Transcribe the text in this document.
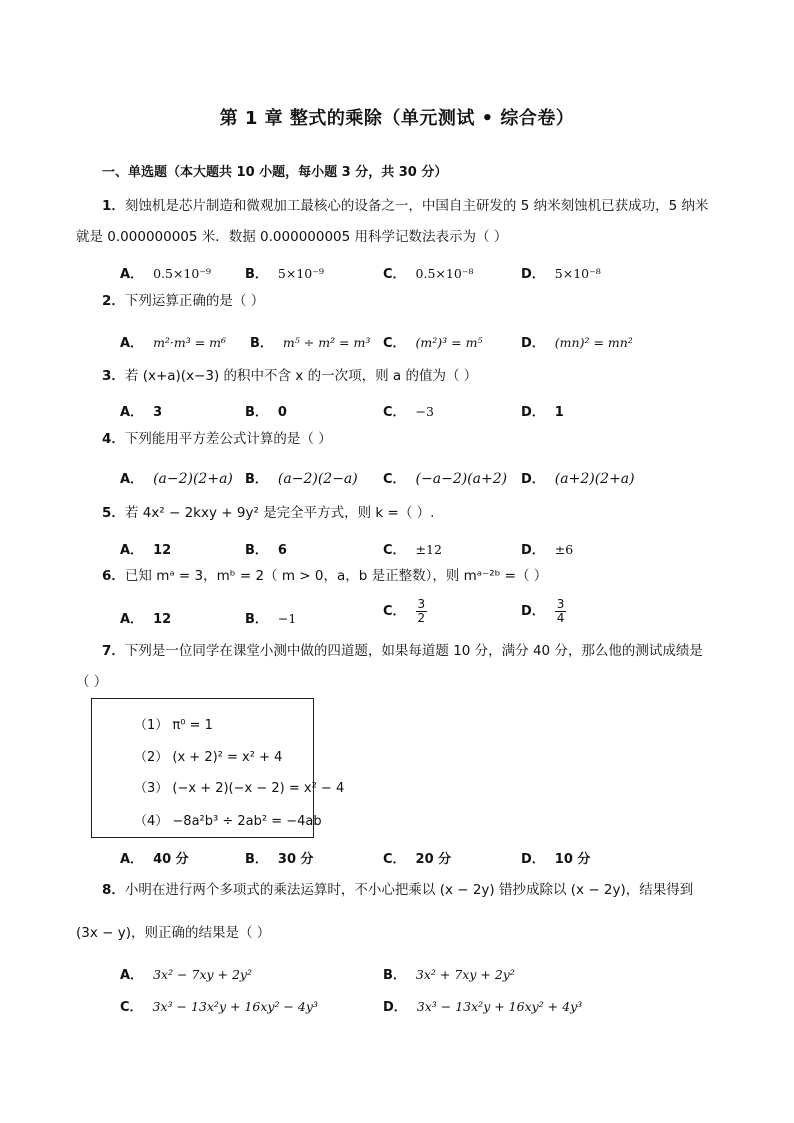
第 1 章 整式的乘除（单元测试 • 综合卷）
一、单选题（本大题共 10 小题，每小题 3 分，共 30 分）
1．刻蚀机是芯片制造和微观加工最核心的设备之一，中国自主研发的 5 纳米刻蚀机已获成功，5 纳米
就是 0.000000005 米．数据 0.000000005 用科学记数法表示为（ ）
A． 0.5×10⁻⁹	B． 5×10⁻⁹	C． 0.5×10⁻⁸	D． 5×10⁻⁸
2．下列运算正确的是（ ）
A． m²·m³ = m⁶ B． m⁵ ÷ m² = m³ C． (m²)³ = m⁵	D． (mn)² = mn²
3．若 (x+a)(x−3) 的积中不含 x 的一次项，则 a 的值为（ ）
A． 3	B． 0	C． −3	D． 1
4．下列能用平方差公式计算的是（ ）
A． (a−2)(2+a) B． (a−2)(2−a) C． (−a−2)(a+2) D． (a+2)(2+a)
5．若 4x² − 2kxy + 9y² 是完全平方式，则 k =（ ）.
A． 12	B． 6	C． ±12	D． ±6
6．已知 mᵃ = 3，mᵇ = 2（ m > 0，a，b 是正整数），则 mᵃ⁻²ᵇ =（ ）
A． 12	B． −1	C． $\frac{3}{2}$	D． $\frac{3}{4}$
7．下列是一位同学在课堂小测中做的四道题，如果每道题 10 分，满分 40 分，那么他的测试成绩是
（ ）
（1） π⁰ = 1
（2） (x + 2)² = x² + 4
（3） (−x + 2)(−x − 2) = x² − 4
（4） −8a²b³ ÷ 2ab² = −4ab
A． 40 分	B． 30 分	C． 20 分	D． 10 分
8．小明在进行两个多项式的乘法运算时，不小心把乘以 (x − 2y) 错抄成除以 (x − 2y)，结果得到
(3x − y)，则正确的结果是（ ）
A． 3x² − 7xy + 2y²	B． 3x² + 7xy + 2y²
C． 3x³ − 13x²y + 16xy² − 4y³	D． 3x³ − 13x²y + 16xy² + 4y³
